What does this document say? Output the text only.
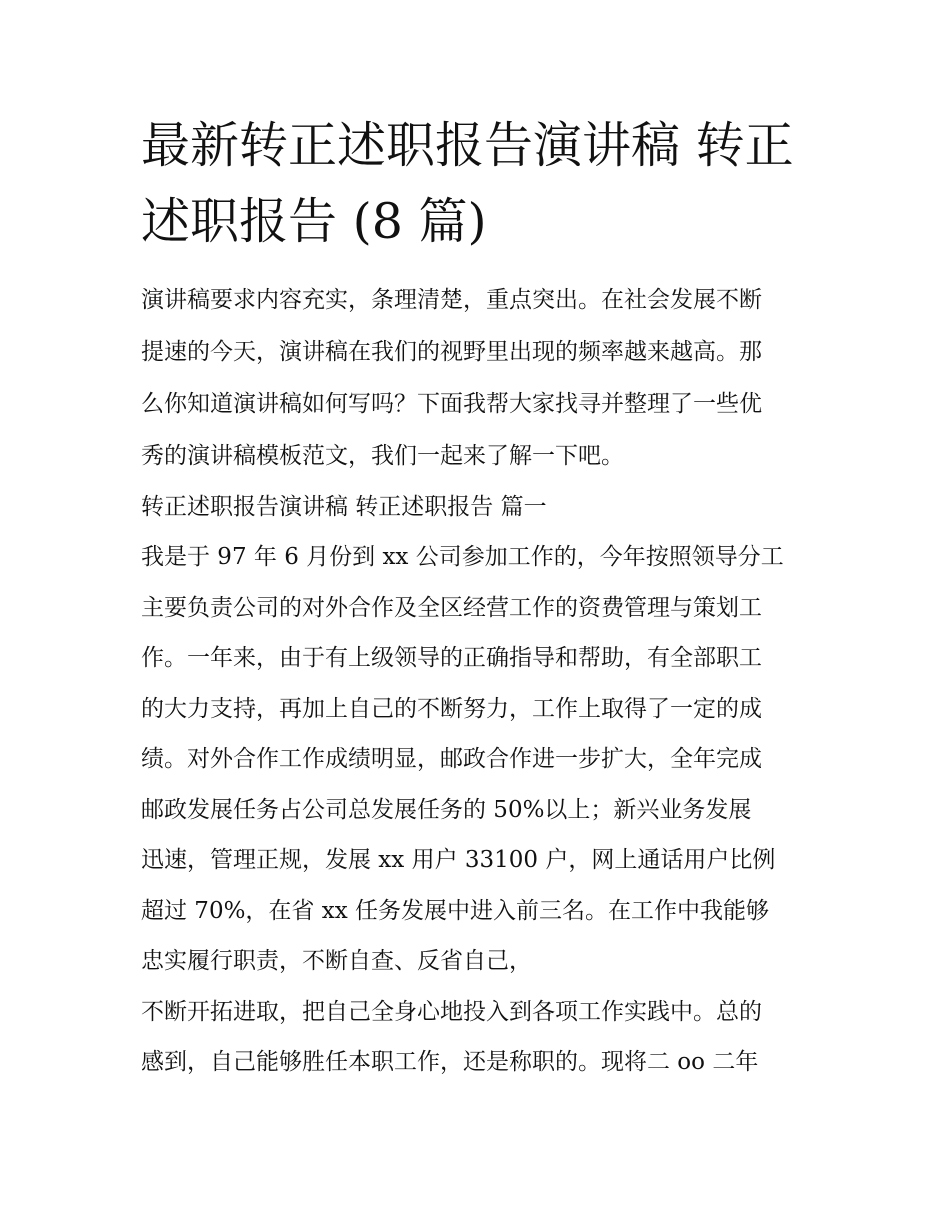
最新转正述职报告演讲稿 转正
述职报告 (8 篇)

演讲稿要求内容充实，条理清楚，重点突出。在社会发展不断
提速的今天，演讲稿在我们的视野里出现的频率越来越高。那
么你知道演讲稿如何写吗？下面我帮大家找寻并整理了一些优
秀的演讲稿模板范文，我们一起来了解一下吧。

转正述职报告演讲稿 转正述职报告 篇一

我是于 97 年 6 月份到 xx 公司参加工作的，今年按照领导分工
主要负责公司的对外合作及全区经营工作的资费管理与策划工
作。一年来，由于有上级领导的正确指导和帮助，有全部职工
的大力支持，再加上自己的不断努力，工作上取得了一定的成
绩。对外合作工作成绩明显，邮政合作进一步扩大，全年完成
邮政发展任务占公司总发展任务的 50%以上；新兴业务发展
迅速，管理正规，发展 xx 用户 33100 户，网上通话用户比例
超过 70%，在省 xx 任务发展中进入前三名。在工作中我能够
忠实履行职责，不断自查、反省自己，

不断开拓进取，把自己全身心地投入到各项工作实践中。总的
感到，自己能够胜任本职工作，还是称职的。现将二 oo 二年
